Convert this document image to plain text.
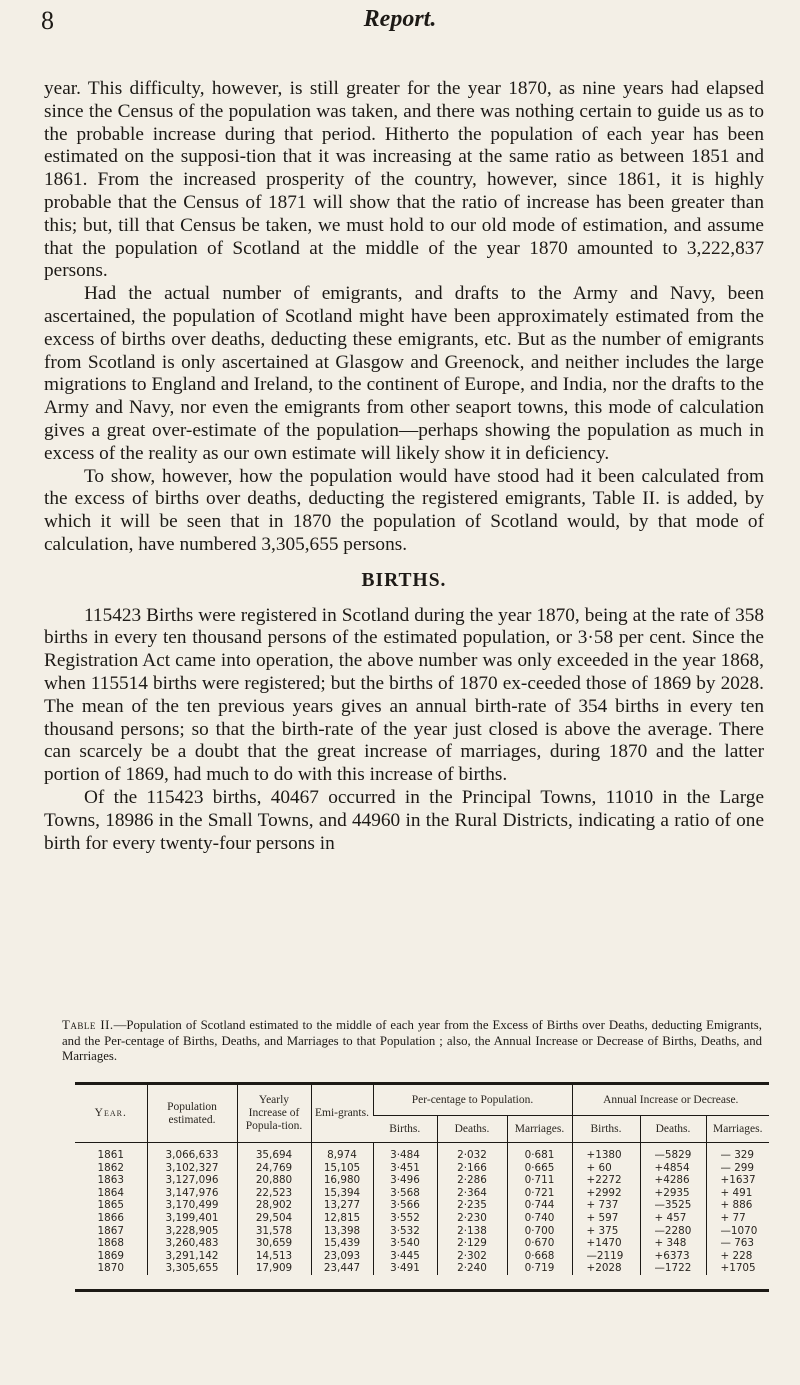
8	Report.

year. This difficulty, however, is still greater for the year 1870, as nine years had elapsed since the Census of the population was taken, and there was nothing certain to guide us as to the probable increase during that period. Hitherto the population of each year has been estimated on the supposi-tion that it was increasing at the same ratio as between 1851 and 1861. From the increased prosperity of the country, however, since 1861, it is highly probable that the Census of 1871 will show that the ratio of increase has been greater than this; but, till that Census be taken, we must hold to our old mode of estimation, and assume that the population of Scotland at the middle of the year 1870 amounted to 3,222,837 persons.

Had the actual number of emigrants, and drafts to the Army and Navy, been ascertained, the population of Scotland might have been approximately estimated from the excess of births over deaths, deducting these emigrants, etc. But as the number of emigrants from Scotland is only ascertained at Glasgow and Greenock, and neither includes the large migrations to England and Ireland, to the continent of Europe, and India, nor the drafts to the Army and Navy, nor even the emigrants from other seaport towns, this mode of calculation gives a great over-estimate of the population—perhaps showing the population as much in excess of the reality as our own estimate will likely show it in deficiency.

To show, however, how the population would have stood had it been calculated from the excess of births over deaths, deducting the registered emigrants, Table II. is added, by which it will be seen that in 1870 the population of Scotland would, by that mode of calculation, have numbered 3,305,655 persons.

BIRTHS.

115423 Births were registered in Scotland during the year 1870, being at the rate of 358 births in every ten thousand persons of the estimated population, or 3·58 per cent. Since the Registration Act came into operation, the above number was only exceeded in the year 1868, when 115514 births were registered; but the births of 1870 ex-ceeded those of 1869 by 2028. The mean of the ten previous years gives an annual birth-rate of 354 births in every ten thousand persons; so that the birth-rate of the year just closed is above the average. There can scarcely be a doubt that the great increase of marriages, during 1870 and the latter portion of 1869, had much to do with this increase of births.

Of the 115423 births, 40467 occurred in the Principal Towns, 11010 in the Large Towns, 18986 in the Small Towns, and 44960 in the Rural Districts, indicating a ratio of one birth for every twenty-four persons in

Table II.—Population of Scotland estimated to the middle of each year from the Excess of Births over Deaths, deducting Emigrants, and the Per-centage of Births, Deaths, and Marriages to that Population ; also, the Annual Increase or Decrease of Births, Deaths, and Marriages.
Year.	Population estimated.	Yearly Increase of Popula-tion.	Emi-grants.	Per-centage to Population.			Annual Increase or Decrease.		
				Births.	Deaths.	Marriages.	Births.	Deaths.	Marriages.
1861	3,066,633	35,694	8,974	3·484	2·032	0·681	+1380	—5829	— 329
1862	3,102,327	24,769	15,105	3·451	2·166	0·665	+ 60	+4854	— 299
1863	3,127,096	20,880	16,980	3·496	2·286	0·711	+2272	+4286	+1637
1864	3,147,976	22,523	15,394	3·568	2·364	0·721	+2992	+2935	+ 491
1865	3,170,499	28,902	13,277	3·566	2·235	0·744	+ 737	—3525	+ 886
1866	3,199,401	29,504	12,815	3·552	2·230	0·740	+ 597	+ 457	+ 77
1867	3,228,905	31,578	13,398	3·532	2·138	0·700	+ 375	—2280	—1070
1868	3,260,483	30,659	15,439	3·540	2·129	0·670	+1470	+ 348	— 763
1869	3,291,142	14,513	23,093	3·445	2·302	0·668	—2119	+6373	+ 228
1870	3,305,655	17,909	23,447	3·491	2·240	0·719	+2028	—1722	+1705
